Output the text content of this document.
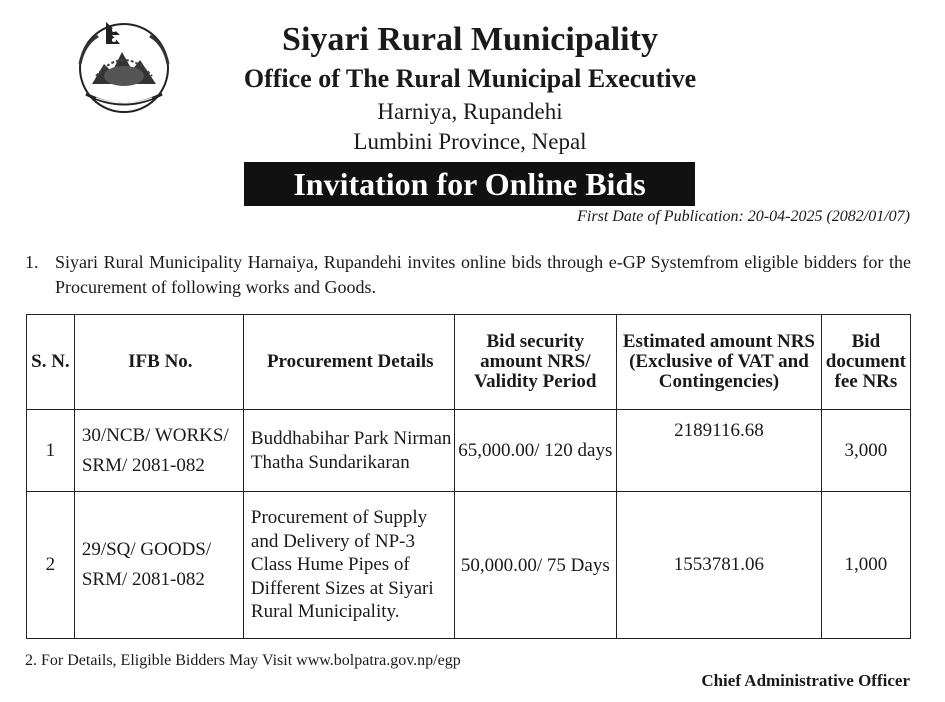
Siyari Rural Municipality
Office of The Rural Municipal Executive
Harniya, Rupandehi
Lumbini Province, Nepal
Invitation for Online Bids
First Date of Publication: 20-04-2025 (2082/01/07)
1. Siyari Rural Municipality Harnaiya, Rupandehi invites online bids through e-GP Systemfrom eligible bidders for the Procurement of following works and Goods.
S. N.	IFB No.	Procurement Details	Bid security amount NRS/ Validity Period	Estimated amount NRS (Exclusive of VAT and Contingencies)	Bid document fee NRs
1	30/NCB/ WORKS/ SRM/ 2081-082	Buddhabihar Park Nirman Thatha Sundarikaran	65,000.00/ 120 days	2189116.68	3,000
2	29/SQ/ GOODS/ SRM/ 2081-082	Procurement of Supply and Delivery of NP-3 Class Hume Pipes of Different Sizes at Siyari Rural Municipality.	50,000.00/ 75 Days	1553781.06	1,000
2. For Details, Eligible Bidders May Visit www.bolpatra.gov.np/egp
Chief Administrative Officer
